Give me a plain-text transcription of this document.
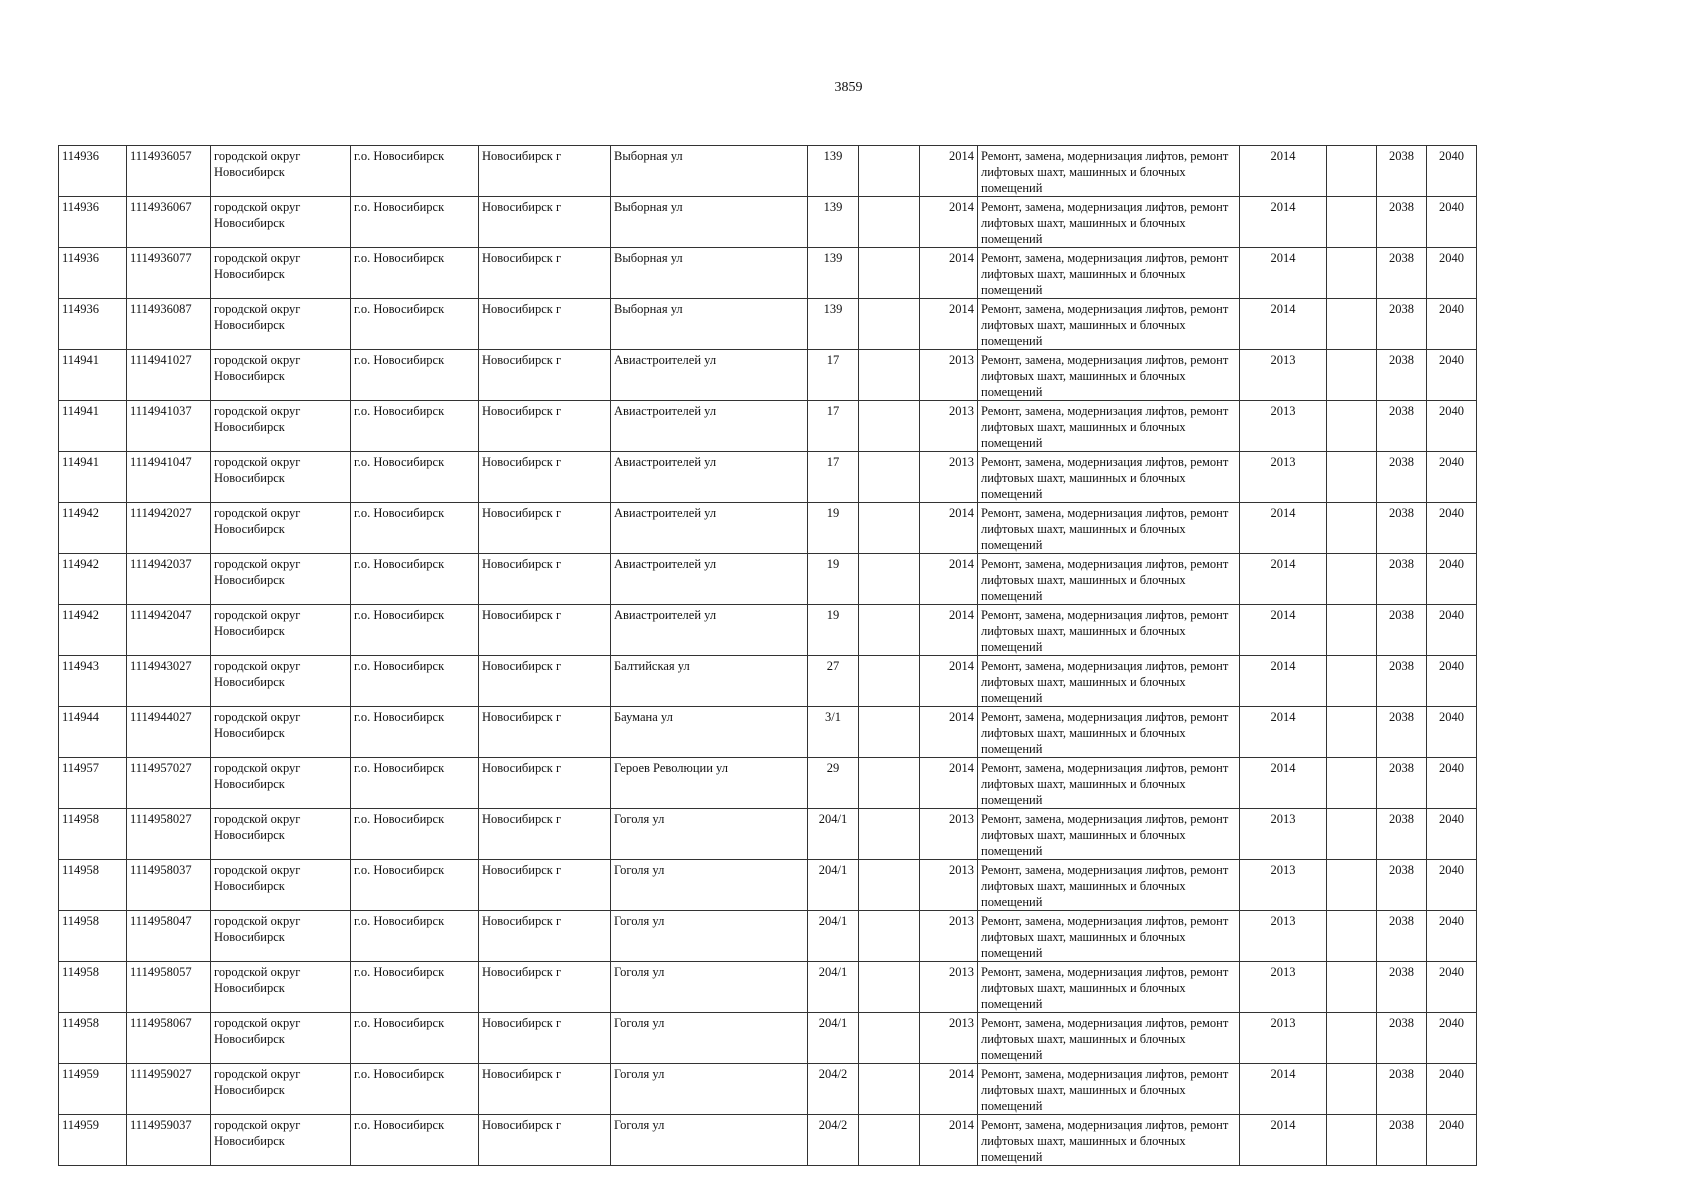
3859
114936	1114936057	городской округ Новосибирск	г.о. Новосибирск	Новосибирск г	Выборная ул	139		2014	Ремонт, замена, модернизация лифтов, ремонт лифтовых шахт, машинных и блочных помещений	2014		2038	2040
114936	1114936067	городской округ Новосибирск	г.о. Новосибирск	Новосибирск г	Выборная ул	139		2014	Ремонт, замена, модернизация лифтов, ремонт лифтовых шахт, машинных и блочных помещений	2014		2038	2040
114936	1114936077	городской округ Новосибирск	г.о. Новосибирск	Новосибирск г	Выборная ул	139		2014	Ремонт, замена, модернизация лифтов, ремонт лифтовых шахт, машинных и блочных помещений	2014		2038	2040
114936	1114936087	городской округ Новосибирск	г.о. Новосибирск	Новосибирск г	Выборная ул	139		2014	Ремонт, замена, модернизация лифтов, ремонт лифтовых шахт, машинных и блочных помещений	2014		2038	2040
114941	1114941027	городской округ Новосибирск	г.о. Новосибирск	Новосибирск г	Авиастроителей ул	17		2013	Ремонт, замена, модернизация лифтов, ремонт лифтовых шахт, машинных и блочных помещений	2013		2038	2040
114941	1114941037	городской округ Новосибирск	г.о. Новосибирск	Новосибирск г	Авиастроителей ул	17		2013	Ремонт, замена, модернизация лифтов, ремонт лифтовых шахт, машинных и блочных помещений	2013		2038	2040
114941	1114941047	городской округ Новосибирск	г.о. Новосибирск	Новосибирск г	Авиастроителей ул	17		2013	Ремонт, замена, модернизация лифтов, ремонт лифтовых шахт, машинных и блочных помещений	2013		2038	2040
114942	1114942027	городской округ Новосибирск	г.о. Новосибирск	Новосибирск г	Авиастроителей ул	19		2014	Ремонт, замена, модернизация лифтов, ремонт лифтовых шахт, машинных и блочных помещений	2014		2038	2040
114942	1114942037	городской округ Новосибирск	г.о. Новосибирск	Новосибирск г	Авиастроителей ул	19		2014	Ремонт, замена, модернизация лифтов, ремонт лифтовых шахт, машинных и блочных помещений	2014		2038	2040
114942	1114942047	городской округ Новосибирск	г.о. Новосибирск	Новосибирск г	Авиастроителей ул	19		2014	Ремонт, замена, модернизация лифтов, ремонт лифтовых шахт, машинных и блочных помещений	2014		2038	2040
114943	1114943027	городской округ Новосибирск	г.о. Новосибирск	Новосибирск г	Балтийская ул	27		2014	Ремонт, замена, модернизация лифтов, ремонт лифтовых шахт, машинных и блочных помещений	2014		2038	2040
114944	1114944027	городской округ Новосибирск	г.о. Новосибирск	Новосибирск г	Баумана ул	3/1		2014	Ремонт, замена, модернизация лифтов, ремонт лифтовых шахт, машинных и блочных помещений	2014		2038	2040
114957	1114957027	городской округ Новосибирск	г.о. Новосибирск	Новосибирск г	Героев Революции ул	29		2014	Ремонт, замена, модернизация лифтов, ремонт лифтовых шахт, машинных и блочных помещений	2014		2038	2040
114958	1114958027	городской округ Новосибирск	г.о. Новосибирск	Новосибирск г	Гоголя ул	204/1		2013	Ремонт, замена, модернизация лифтов, ремонт лифтовых шахт, машинных и блочных помещений	2013		2038	2040
114958	1114958037	городской округ Новосибирск	г.о. Новосибирск	Новосибирск г	Гоголя ул	204/1		2013	Ремонт, замена, модернизация лифтов, ремонт лифтовых шахт, машинных и блочных помещений	2013		2038	2040
114958	1114958047	городской округ Новосибирск	г.о. Новосибирск	Новосибирск г	Гоголя ул	204/1		2013	Ремонт, замена, модернизация лифтов, ремонт лифтовых шахт, машинных и блочных помещений	2013		2038	2040
114958	1114958057	городской округ Новосибирск	г.о. Новосибирск	Новосибирск г	Гоголя ул	204/1		2013	Ремонт, замена, модернизация лифтов, ремонт лифтовых шахт, машинных и блочных помещений	2013		2038	2040
114958	1114958067	городской округ Новосибирск	г.о. Новосибирск	Новосибирск г	Гоголя ул	204/1		2013	Ремонт, замена, модернизация лифтов, ремонт лифтовых шахт, машинных и блочных помещений	2013		2038	2040
114959	1114959027	городской округ Новосибирск	г.о. Новосибирск	Новосибирск г	Гоголя ул	204/2		2014	Ремонт, замена, модернизация лифтов, ремонт лифтовых шахт, машинных и блочных помещений	2014		2038	2040
114959	1114959037	городской округ Новосибирск	г.о. Новосибирск	Новосибирск г	Гоголя ул	204/2		2014	Ремонт, замена, модернизация лифтов, ремонт лифтовых шахт, машинных и блочных помещений	2014		2038	2040
